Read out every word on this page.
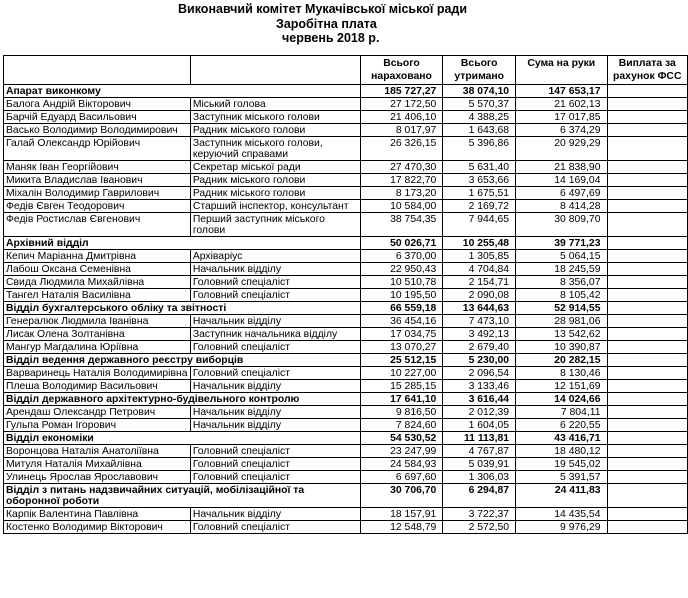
Виконавчий комітет Мукачівської міської ради
Заробітна плата
червень 2018 р.
		Всього нараховано	Всього утримано	Сума на руки	Виплата за рахунок ФСС
Апарат виконкому		185 727,27	38 074,10	147 653,17	
Балога Андрій Вікторович	Міський голова	27 172,50	5 570,37	21 602,13	
Барчій Едуард Васильович	Заступник міського голови	21 406,10	4 388,25	17 017,85	
Васько Володимир Володимирович	Радник міського голови	8 017,97	1 643,68	6 374,29	
Галай Олександр Юрійович	Заступник міського голови, керуючий справами	26 326,15	5 396,86	20 929,29	
Маняк Іван Георгійович	Секретар міської ради	27 470,30	5 631,40	21 838,90	
Микита Владислав Іванович	Радник міського голови	17 822,70	3 653,66	14 169,04	
Міхалін Володимир Гаврилович	Радник міського голови	8 173,20	1 675,51	6 497,69	
Федів Євген Теодорович	Старший інспектор, консультант	10 584,00	2 169,72	8 414,28	
Федів Ростислав Євгенович	Перший заступник міського голови	38 754,35	7 944,65	30 809,70	
Архівний відділ		50 026,71	10 255,48	39 771,23	
Кепич Маріанна Дмитрівна	Архіваріус	6 370,00	1 305,85	5 064,15	
Лабош Оксана Семенівна	Начальник відділу	22 950,43	4 704,84	18 245,59	
Свида Людмила Михайлівна	Головний спеціаліст	10 510,78	2 154,71	8 356,07	
Тангел Наталія Василівна	Головний спеціаліст	10 195,50	2 090,08	8 105,42	
Відділ бухгалтерського обліку та звітності		66 559,18	13 644,63	52 914,55	
Генералюк Людмила Іванівна	Начальник відділу	36 454,16	7 473,10	28 981,06	
Лисак Олена Золтанівна	Заступник начальника відділу	17 034,75	3 492,13	13 542,62	
Мангур Магдалина Юріївна	Головний спеціаліст	13 070,27	2 679,40	10 390,87	
Відділ ведення державного реєстру виборців		25 512,15	5 230,00	20 282,15	
Варваринець Наталія Володимирівна	Головний спеціаліст	10 227,00	2 096,54	8 130,46	
Плеша Володимир Васильович	Начальник відділу	15 285,15	3 133,46	12 151,69	
Відділ державного архітектурно-будівельного контролю		17 641,10	3 616,44	14 024,66	
Арендаш Олександр Петрович	Начальник відділу	9 816,50	2 012,39	7 804,11	
Гульпа Роман Ігорович	Начальник відділу	7 824,60	1 604,05	6 220,55	
Відділ економіки		54 530,52	11 113,81	43 416,71	
Воронцова Наталія Анатоліївна	Головний спеціаліст	23 247,99	4 767,87	18 480,12	
Митуля Наталія Михайлівна	Головний спеціаліст	24 584,93	5 039,91	19 545,02	
Улинець Ярослав Ярославович	Головний спеціаліст	6 697,60	1 306,03	5 391,57	
Відділ з питань надзвичайних ситуацій, мобілізаційної та оборонної роботи		30 706,70	6 294,87	24 411,83	
Карпік Валентина Павлівна	Начальник відділу	18 157,91	3 722,37	14 435,54	
Костенко Володимир Вікторович	Головний спеціаліст	12 548,79	2 572,50	9 976,29	
